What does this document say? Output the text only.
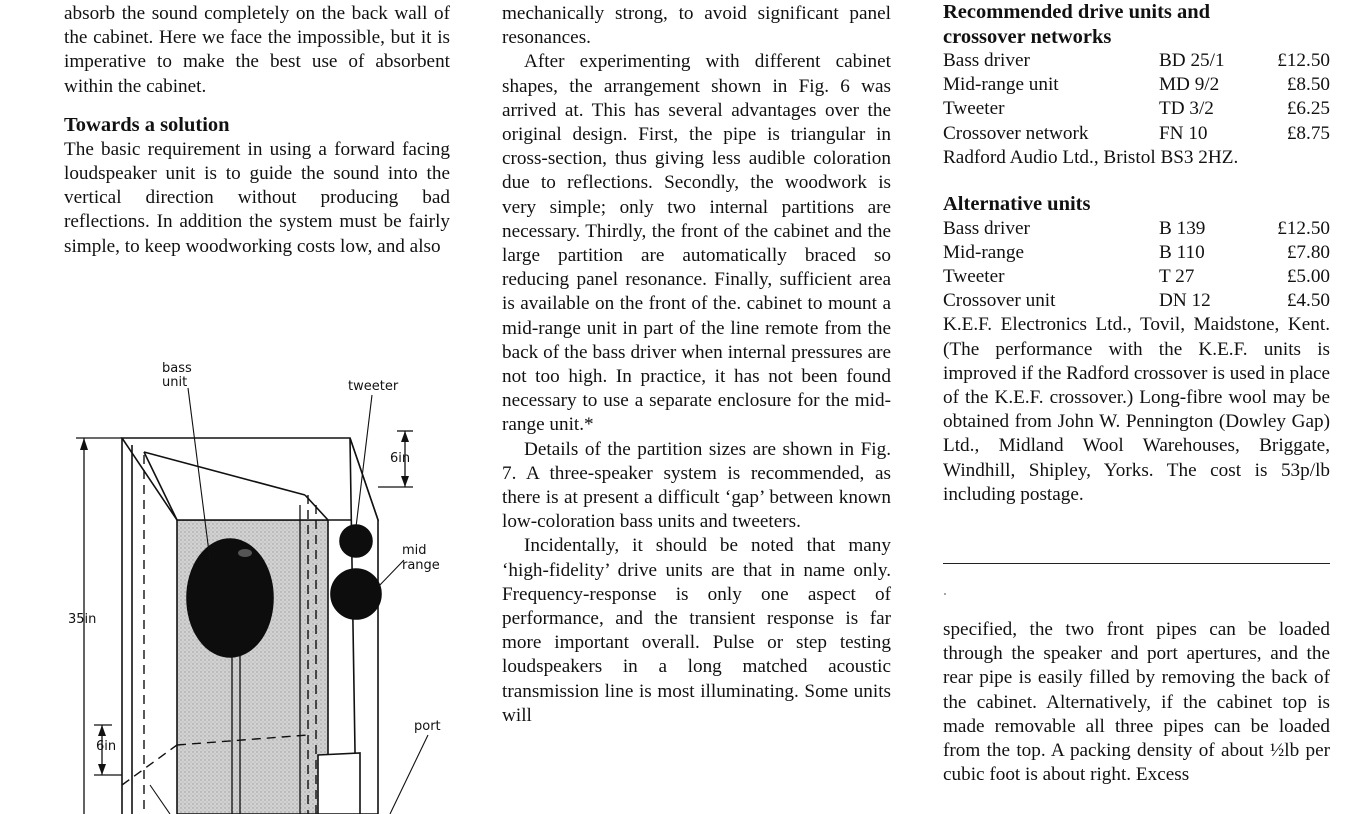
absorb the sound completely on the back wall of the cabinet. Here we face the impossible, but it is imperative to make the best use of absorbent within the cabinet.

Towards a solution

The basic requirement in using a forward facing loudspeaker unit is to guide the sound into the vertical direction without producing bad reflections. In addition the system must be fairly simple, to keep woodworking costs low, and also

bass
unit	tweeter
6in
mid
range
35in
port
6in

mechanically strong, to avoid significant panel resonances.

After experimenting with different cabinet shapes, the arrangement shown in Fig. 6 was arrived at. This has several advantages over the original design. First, the pipe is triangular in cross-section, thus giving less audible coloration due to reflections. Secondly, the woodwork is very simple; only two internal partitions are necessary. Thirdly, the front of the cabinet and the large partition are automatically braced so reducing panel resonance. Finally, sufficient area is available on the front of the. cabinet to mount a mid-range unit in part of the line remote from the back of the bass driver when internal pressures are not too high. In practice, it has not been found necessary to use a separate enclosure for the mid-range unit.*

Details of the partition sizes are shown in Fig. 7. A three-speaker system is recommended, as there is at present a difficult ‘gap’ between known low-coloration bass units and tweeters.

Incidentally, it should be noted that many ‘high-fidelity’ drive units are that in name only. Frequency-response is only one aspect of performance, and the transient response is far more important overall. Pulse or step testing loudspeakers in a long matched acoustic transmission line is most illuminating. Some units will

Recommended drive units and

crossover networks

Bass driver	BD 25/1	£12.50
Mid-range unit	MD 9/2	£8.50
Tweeter	TD 3/2	£6.25
Crossover network	FN 10	£8.75

Radford Audio Ltd., Bristol BS3 2HZ.

Alternative units

Bass driver	B 139	£12.50
Mid-range	B 110	£7.80
Tweeter	T 27	£5.00
Crossover unit	DN 12	£4.50

K.E.F. Electronics Ltd., Tovil, Maidstone, Kent. (The performance with the K.E.F. units is improved if the Radford crossover is used in place of the K.E.F. crossover.) Long-fibre wool may be obtained from John W. Pennington (Dowley Gap) Ltd., Midland Wool Warehouses, Briggate, Windhill, Shipley, Yorks. The cost is 53p/lb including postage.

specified, the two front pipes can be loaded through the speaker and port apertures, and the rear pipe is easily filled by removing the back of the cabinet. Alternatively, if the cabinet top is made removable all three pipes can be loaded from the top. A packing density of about ½lb per cubic foot is about right. Excess
